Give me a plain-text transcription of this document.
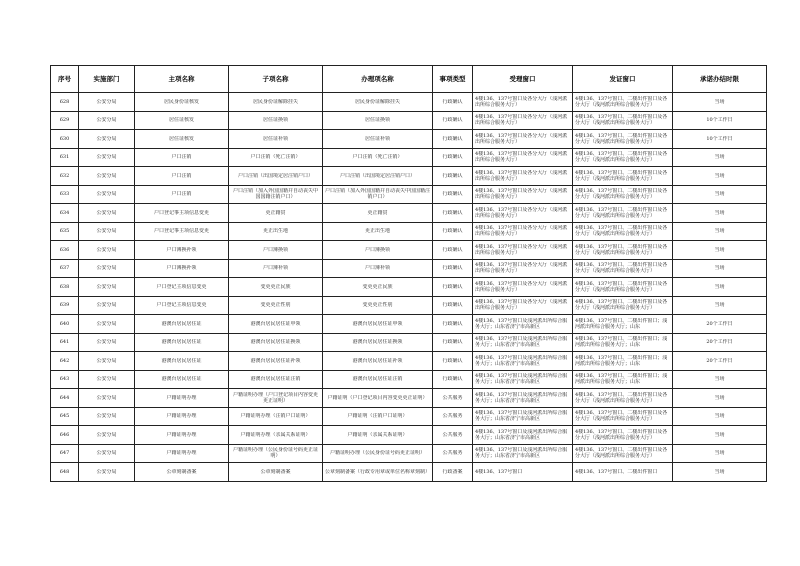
序号	实施部门	主项名称	子项名称	办理项名称	事项类型	受理窗口	发证窗口	承诺办结时限

628	公安分局	居民身份证核发	居民身份证解除挂失	居民身份证解除挂失	行政确认	4楼136、137号窗口及各分大厅（浅河派出所综合服务大厅）	4楼136、137号窗口、二楼出件窗口及各分大厅（浅河派出所综合服务大厅）	当场

629	公安分局	居住证核发	居住证换领	居住证换领	行政确认	4楼136、137号窗口及各分大厅（浅河派出所综合服务大厅）	4楼136、137号窗口、二楼出件窗口及各分大厅（浅河派出所综合服务大厅）	10个工作日

630	公安分局	居住证核发	居住证补领	居住证补领	行政确认	4楼136、137号窗口及各分大厅（浅河派出所综合服务大厅）	4楼136、137号窗口、二楼出件窗口及各分大厅（浅河派出所综合服务大厅）	10个工作日

631	公安分局	户口注销	户口注销（死亡注销）	户口注销（死亡注销）	行政确认	4楼136、137号窗口及各分大厅（浅河派出所综合服务大厅）	4楼136、137号窗口、二楼出件窗口及各分大厅（浅河派出所综合服务大厅）	当场

632	公安分局	户口注销	户口注销（出国境定居注销户口）	户口注销（出国境定居注销户口）	行政确认	4楼136、137号窗口及各分大厅（浅河派出所综合服务大厅）	4楼136、137号窗口、二楼出件窗口及各分大厅（浅河派出所综合服务大厅）	当场

633	公安分局	户口注销	户口注销（加入外国国籍并自动丧失中国国籍注销户口）	户口注销（加入外国国籍并自动丧失中国国籍注销户口）	行政确认	4楼136、137号窗口及各分大厅（浅河派出所综合服务大厅）	4楼136、137号窗口、二楼出件窗口及各分大厅（浅河派出所综合服务大厅）	当场

634	公安分局	户口登记事主项信息变更	更正籍贯	更正籍贯	行政确认	4楼136、137号窗口及各分大厅（浅河派出所综合服务大厅）	4楼136、137号窗口、二楼出件窗口及各分大厅（浅河派出所综合服务大厅）	当场

635	公安分局	户口登记事主项信息变更	更正出生地	更正出生地	行政确认	4楼136、137号窗口及各分大厅（浅河派出所综合服务大厅）	4楼136、137号窗口、二楼出件窗口及各分大厅（浅河派出所综合服务大厅）	当场

636	公安分局	户口簿换补领	户口簿换领	户口簿换领	行政确认	4楼136、137号窗口及各分大厅（浅河派出所综合服务大厅）	4楼136、137号窗口、二楼出件窗口及各分大厅（浅河派出所综合服务大厅）	当场

637	公安分局	户口簿换补领	户口簿补领	户口簿补领	行政确认	4楼136、137号窗口及各分大厅（浅河派出所综合服务大厅）	4楼136、137号窗口、二楼出件窗口及各分大厅（浅河派出所综合服务大厅）	当场

638	公安分局	户口登记主项信息变更	变更更正民族	变更更正民族	行政确认	4楼136、137号窗口及各分大厅（浅河派出所综合服务大厅）	4楼136、137号窗口、二楼出件窗口及各分大厅（浅河派出所综合服务大厅）	当场

639	公安分局	户口登记主项信息变更	变更更正性别	变更更正性别	行政确认	4楼136、137号窗口及各分大厅（浅河派出所综合服务大厅）	4楼136、137号窗口、二楼出件窗口及各分大厅（浅河派出所综合服务大厅）	当场

640	公安分局	港澳台居民居住证	港澳台居民居住证申领	港澳台居民居住证申领	行政确认	4楼136、137号窗口及浅河派出所综合服务大厅；山东省济宁市高新区	4楼136、137号窗口、二楼出件窗口；浅河派出所综合服务大厅；山东	20个工作日

641	公安分局	港澳台居民居住证	港澳台居民居住证换领	港澳台居民居住证换领	行政确认	4楼136、137号窗口及浅河派出所综合服务大厅；山东省济宁市高新区	4楼136、137号窗口、二楼出件窗口；浅河派出所综合服务大厅；山东	20个工作日

642	公安分局	港澳台居民居住证	港澳台居民居住证补领	港澳台居民居住证补领	行政确认	4楼136、137号窗口及浅河派出所综合服务大厅；山东省济宁市高新区	4楼136、137号窗口、二楼出件窗口；浅河派出所综合服务大厅；山东	20个工作日

643	公安分局	港澳台居民居住证	港澳台居民居住证注销	港澳台居民居住证注销	行政确认	4楼136、137号窗口及浅河派出所综合服务大厅；山东省济宁市高新区	4楼136、137号窗口、二楼出件窗口；浅河派出所综合服务大厅；山东	当场

644	公安分局	户籍证明办理	户籍证明办理（户口登记项目内容变更更正证明）	户籍证明（户口登记项目内容变更更正证明）	公共服务	4楼136、137号窗口及浅河派出所综合服务大厅；山东省济宁市高新区	4楼136、137号窗口、二楼出件窗口及各分大厅（浅河派出所综合服务大厅）	当场

645	公安分局	户籍证明办理	户籍证明办理（注销户口证明）	户籍证明（注销户口证明）	公共服务	4楼136、137号窗口及浅河派出所综合服务大厅；山东省济宁市高新区	4楼136、137号窗口、二楼出件窗口及各分大厅（浅河派出所综合服务大厅）	当场

646	公安分局	户籍证明办理	户籍证明办理（亲属关系证明）	户籍证明（亲属关系证明）	公共服务	4楼136、137号窗口及浅河派出所综合服务大厅；山东省济宁市高新区	4楼136、137号窗口、二楼出件窗口及各分大厅（浅河派出所综合服务大厅）	当场

647	公安分局	户籍证明办理	户籍证明办理（公民身份证号码更正证明）	户籍证明办理（公民身份证号码更正证明）	公共服务	4楼136、137号窗口及浅河派出所综合服务大厅；山东省济宁市高新区	4楼136、137号窗口、二楼出件窗口及各分大厅（浅河派出所综合服务大厅）	当场

648	公安分局	公章刻制备案	公章刻制备案	公章刻制备案（行政专用章或单位名称章刻制）	行政备案	4楼136、137号窗口	4楼136、137号窗口、二楼出件窗口	当场
